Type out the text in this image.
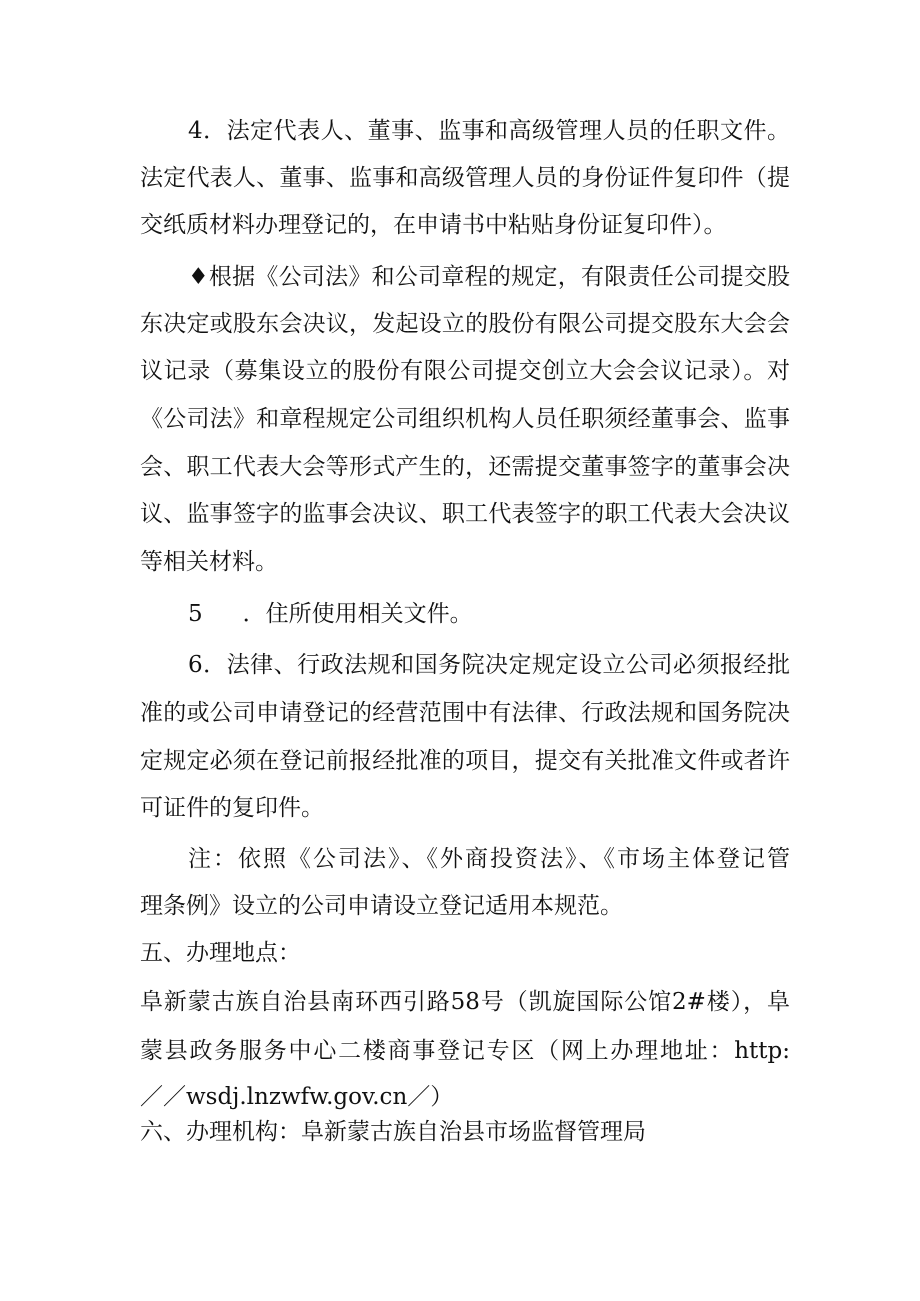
4．法定代表人、董事、监事和高级管理人员的任职文件。
法定代表人、董事、监事和高级管理人员的身份证件复印件（提
交纸质材料办理登记的，在申请书中粘贴身份证复印件）。
♦根据《公司法》和公司章程的规定，有限责任公司提交股
东决定或股东会决议，发起设立的股份有限公司提交股东大会会
议记录（募集设立的股份有限公司提交创立大会会议记录）。对
《公司法》和章程规定公司组织机构人员任职须经董事会、监事
会、职工代表大会等形式产生的，还需提交董事签字的董事会决
议、监事签字的监事会决议、职工代表签字的职工代表大会决议
等相关材料。
5 ．住所使用相关文件。
6．法律、行政法规和国务院决定规定设立公司必须报经批
准的或公司申请登记的经营范围中有法律、行政法规和国务院决
定规定必须在登记前报经批准的项目，提交有关批准文件或者许
可证件的复印件。
注：依照《公司法》、《外商投资法》、《市场主体登记管
理条例》设立的公司申请设立登记适用本规范。
五、办理地点：
阜新蒙古族自治县南环西引路58号（凯旋国际公馆2#楼），阜
蒙县政务服务中心二楼商事登记专区（网上办理地址：http:
／／wsdj.lnzwfw.gov.cn／）
六、办理机构：阜新蒙古族自治县市场监督管理局
